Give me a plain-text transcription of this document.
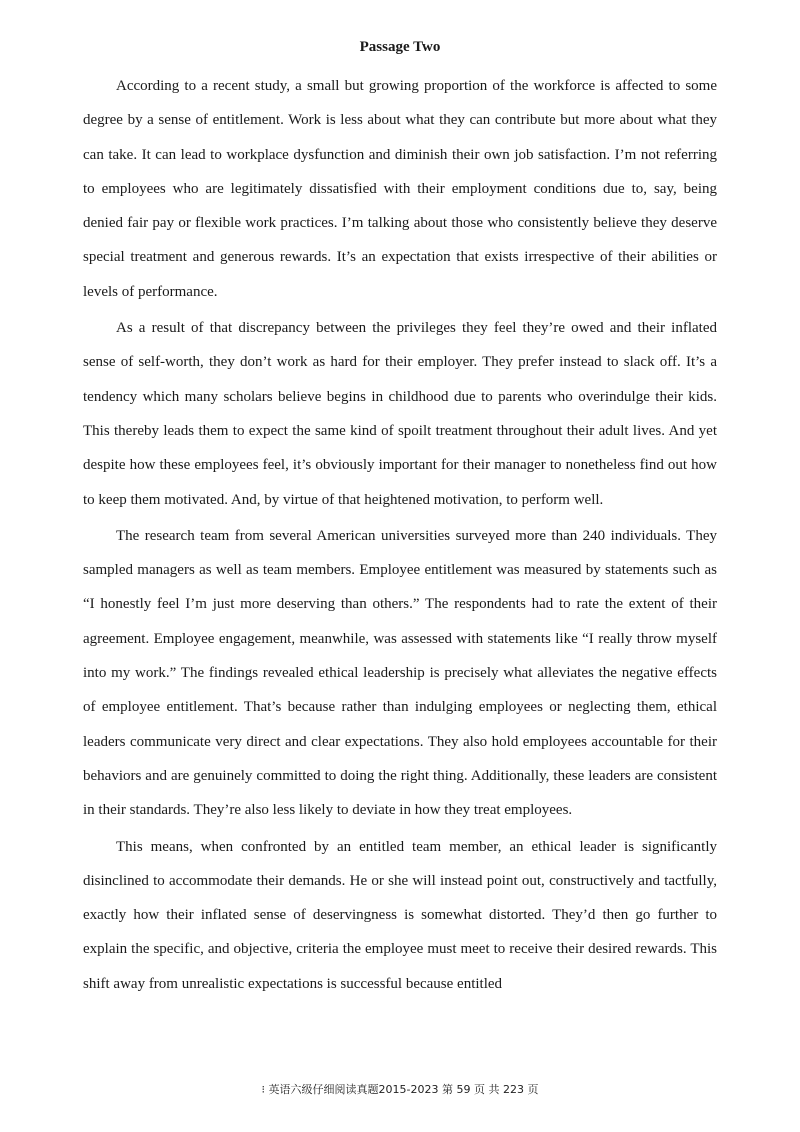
Passage Two

According to a recent study, a small but growing proportion of the workforce is affected to some degree by a sense of entitlement. Work is less about what they can contribute but more about what they can take. It can lead to workplace dysfunction and diminish their own job satisfaction. I’m not referring to employees who are legitimately dissatisfied with their employment conditions due to, say, being denied fair pay or flexible work practices. I’m talking about those who consistently believe they deserve special treatment and generous rewards. It’s an expectation that exists irrespective of their abilities or levels of performance.

As a result of that discrepancy between the privileges they feel they’re owed and their inflated sense of self-worth, they don’t work as hard for their employer. They prefer instead to slack off. It’s a tendency which many scholars believe begins in childhood due to parents who overindulge their kids. This thereby leads them to expect the same kind of spoilt treatment throughout their adult lives. And yet despite how these employees feel, it’s obviously important for their manager to nonetheless find out how to keep them motivated. And, by virtue of that heightened motivation, to perform well.

The research team from several American universities surveyed more than 240 individuals. They sampled managers as well as team members. Employee entitlement was measured by statements such as “I honestly feel I’m just more deserving than others.” The respondents had to rate the extent of their agreement. Employee engagement, meanwhile, was assessed with statements like “I really throw myself into my work.” The findings revealed ethical leadership is precisely what alleviates the negative effects of employee entitlement. That’s because rather than indulging employees or neglecting them, ethical leaders communicate very direct and clear expectations. They also hold employees accountable for their behaviors and are genuinely committed to doing the right thing. Additionally, these leaders are consistent in their standards. They’re also less likely to deviate in how they treat employees.

This means, when confronted by an entitled team member, an ethical leader is significantly disinclined to accommodate their demands. He or she will instead point out, constructively and tactfully, exactly how their inflated sense of deservingness is somewhat distorted. They’d then go further to explain the specific, and objective, criteria the employee must meet to receive their desired rewards. This shift away from unrealistic expectations is successful because entitled

⁝ 英语六级仔细阅读真题2015-2023 第 59 页 共 223 页
